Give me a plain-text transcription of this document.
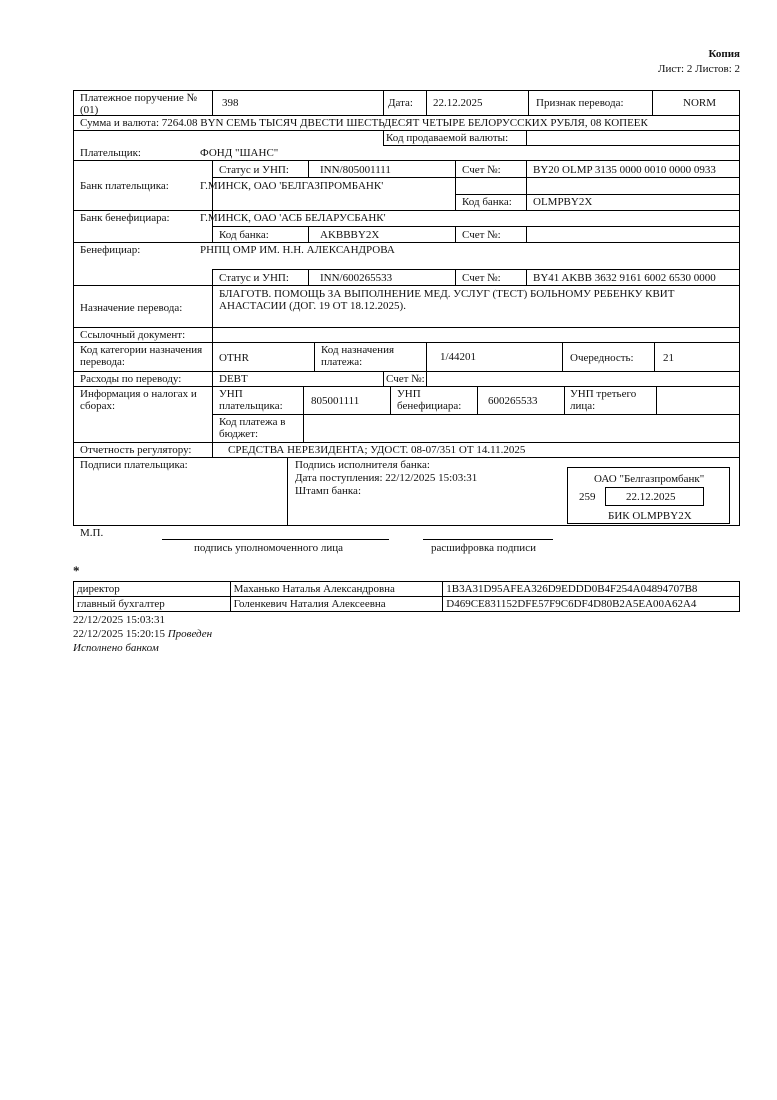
Копия
Лист: 2 Листов: 2
Платежное поручение № (01)
398	Дата: 22.12.2025	Признак перевода:	NORM
Сумма и валюта: 7264.08 BYN СЕМЬ ТЫСЯЧ ДВЕСТИ ШЕСТЬДЕСЯТ ЧЕТЫРЕ БЕЛОРУССКИХ РУБЛЯ, 08 КОПЕЕК
Код продаваемой валюты:
Плательщик:	ФОНД "ШАНС"
Статус и УНП:	INN/805001111	Счет №:	BY20 OLMP 3135 0000 0010 0000 0933
Банк плательщика:	Г.МИНСК, ОАО 'БЕЛГАЗПРОМБАНК'
Код банка: OLMPBY2X
Банк бенефициара:	Г.МИНСК, ОАО 'АСБ БЕЛАРУСБАНК'
Код банка:	AKBBBY2X	Счет №:
Бенефициар:	РНПЦ ОМР ИМ. Н.Н. АЛЕКСАНДРОВА
Статус и УНП:	INN/600265533	Счет №:	BY41 AKBB 3632 9161 6002 6530 0000
Назначение перевода:
БЛАГОТВ. ПОМОЩЬ ЗА ВЫПОЛНЕНИЕ МЕД. УСЛУГ (ТЕСТ) БОЛЬНОМУ РЕБЕНКУ КВИТ АНАСТАСИИ (ДОГ. 19 ОТ 18.12.2025).
Ссылочный документ:
Код категории назначения перевода:	OTHR
Код назначения платежа:	1/44201	Очередность:	21
Расходы по переводу:	DEBT	Счет №:
Информация о налогах и сборах:
УНП плательщика:	805001111
УНП бенефициара:	600265533
УНП третьего лица:
Код платежа в бюджет:
Отчетность регулятору:	СРЕДСТВА НЕРЕЗИДЕНТА; УДОСТ. 08-07/351 ОТ 14.11.2025
Подписи плательщика:	Подпись исполнителя банка:
Дата поступления: 22/12/2025 15:03:31
Штамп банка:
ОАО "Белгазпромбанк"
259	22.12.2025
БИК OLMPBY2X
М.П.
подпись уполномоченного лица	расшифровка подписи
*
директор	Маханько Наталья Александровна	1B3A31D95AFEA326D9EDDD0B4F254A04894707B8
главный бухгалтер	Голенкевич Наталия Алексеевна	D469CE831152DFE57F9C6DF4D80B2A5EA00A62A4
22/12/2025 15:03:31
22/12/2025 15:20:15 Проведен
Исполнено банком
